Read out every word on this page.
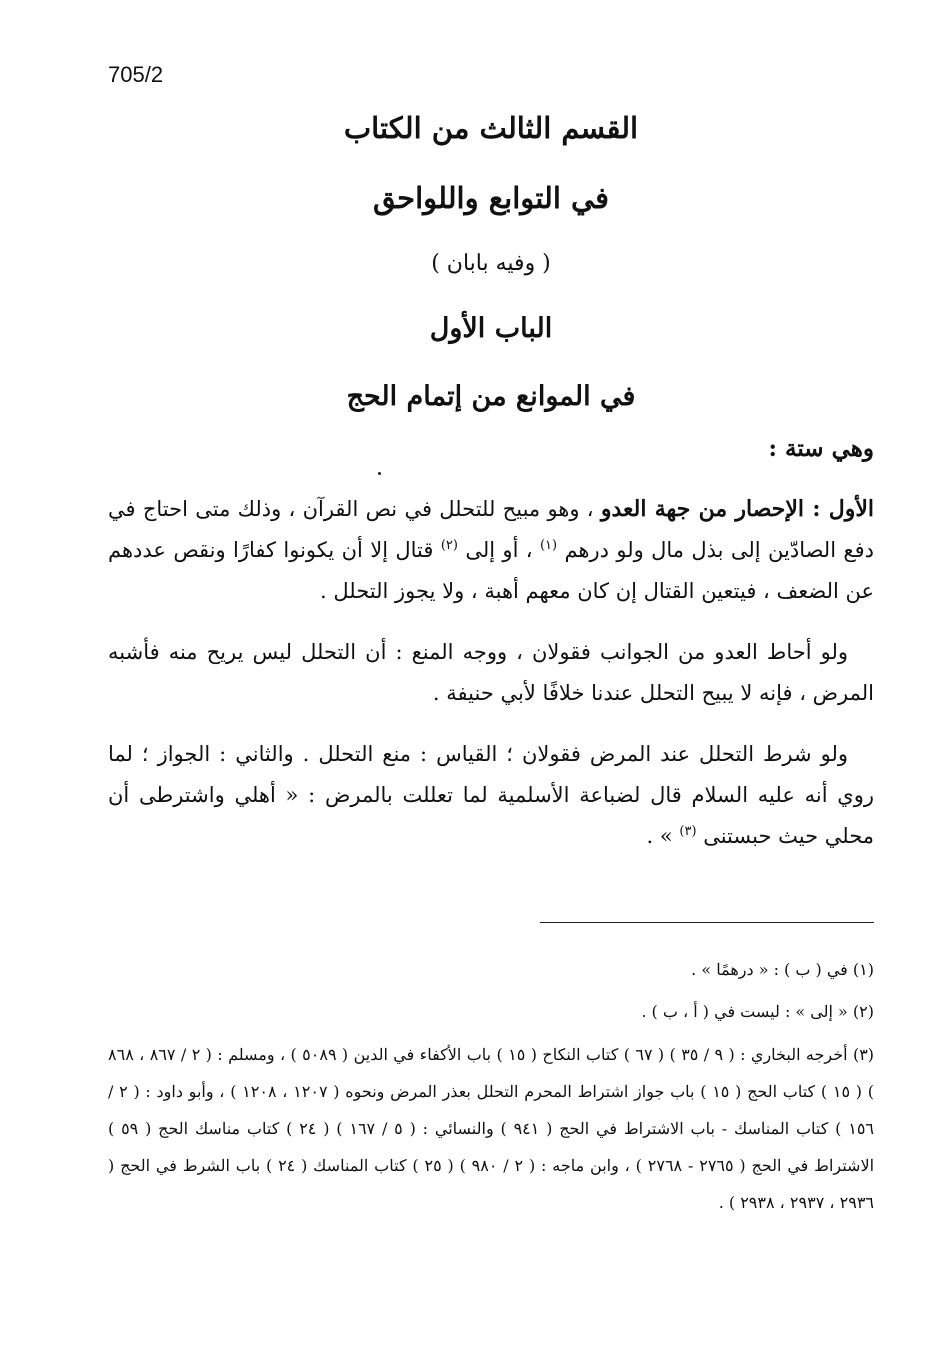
705/2
القسم الثالث من الكتاب
في التوابع واللواحق
( وفيه بابان )
الباب الأول
في الموانع من إتمام الحج

وهي ستة :

الأول : الإحصار من جهة العدو ، وهو مبيح للتحلل في نص القرآن ، وذلك متى احتاج في دفع الصادّين إلى بذل مال ولو درهم $^{(١)}$ ، أو إلى $^{(٢)}$ قتال إلا أن يكونوا كفارًا ونقص عددهم عن الضعف ، فيتعين القتال إن كان معهم أهبة ، ولا يجوز التحلل .

ولو أحاط العدو من الجوانب فقولان ، ووجه المنع : أن التحلل ليس يريح منه فأشبه المرض ، فإنه لا يبيح التحلل عندنا خلافًا لأبي حنيفة .

ولو شرط التحلل عند المرض فقولان ؛ القياس : منع التحلل . والثاني : الجواز ؛ لما روي أنه عليه السلام قال لضباعة الأسلمية لما تعللت بالمرض : « أهلي واشترطى أن محلي حيث حبستنى $^{(٣)}$ » .

(١) في ( ب ) : « درهمًا » .

(٢) « إلى » : ليست في ( أ ، ب ) .

(٣) أخرجه البخاري : ( ٩ / ٣٥ ) ( ٦٧ ) كتاب النكاح ( ١٥ ) باب الأكفاء في الدين ( ٥٠٨٩ ) ، ومسلم : ( ٢ / ٨٦٧ ، ٨٦٨ ) ( ١٥ ) كتاب الحج ( ١٥ ) باب جواز اشتراط المحرم التحلل بعذر المرض ونحوه ( ١٢٠٧ ، ١٢٠٨ ) ، وأبو داود : ( ٢ / ١٥٦ ) كتاب المناسك - باب الاشتراط في الحج ( ٩٤١ ) والنسائي : ( ٥ / ١٦٧ ) ( ٢٤ ) كتاب مناسك الحج ( ٥٩ ) الاشتراط في الحج ( ٢٧٦٥ - ٢٧٦٨ ) ، وابن ماجه : ( ٢ / ٩٨٠ ) ( ٢٥ ) كتاب المناسك ( ٢٤ ) باب الشرط في الحج ( ٢٩٣٦ ، ٢٩٣٧ ، ٢٩٣٨ ) .
